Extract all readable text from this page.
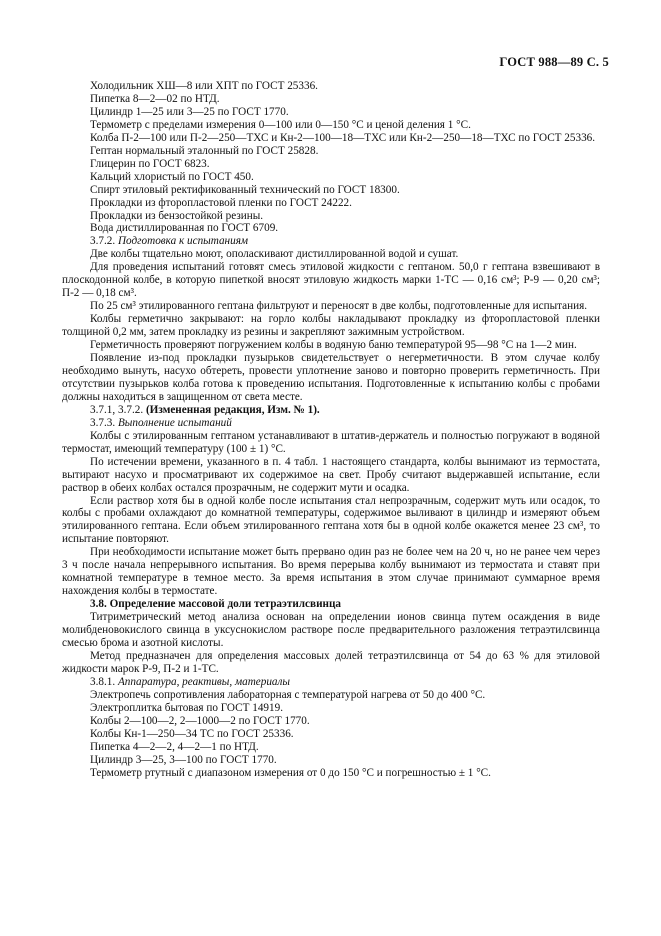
ГОСТ 988—89 С. 5

Холодильник ХШ—8 или ХПТ по ГОСТ 25336.

Пипетка 8—2—02 по НТД.

Цилиндр 1—25 или 3—25 по ГОСТ 1770.

Термометр с пределами измерения 0—100 или 0—150 °С и ценой деления 1 °С.

Колба П-2—100 или П-2—250—ТХС и Кн-2—100—18—ТХС или Кн-2—250—18—ТХС по ГОСТ 25336.

Гептан нормальный эталонный по ГОСТ 25828.

Глицерин по ГОСТ 6823.

Кальций хлористый по ГОСТ 450.

Спирт этиловый ректификованный технический по ГОСТ 18300.

Прокладки из фторопластовой пленки по ГОСТ 24222.

Прокладки из бензостойкой резины.

Вода дистиллированная по ГОСТ 6709.

3.7.2. Подготовка к испытаниям

Две колбы тщательно моют, ополаскивают дистиллированной водой и сушат.

Для проведения испытаний готовят смесь этиловой жидкости с гептаном. 50,0 г гептана взвешивают в плоскодонной колбе, в которую пипеткой вносят этиловую жидкость марки 1-ТС — 0,16 см³; Р-9 — 0,20 см³; П-2 — 0,18 см³.

По 25 см³ этилированного гептана фильтруют и переносят в две колбы, подготовленные для испытания.

Колбы герметично закрывают: на горло колбы накладывают прокладку из фторопластовой пленки толщиной 0,2 мм, затем прокладку из резины и закрепляют зажимным устройством.

Герметичность проверяют погружением колбы в водяную баню температурой 95—98 °С на 1—2 мин.

Появление из-под прокладки пузырьков свидетельствует о негерметичности. В этом случае колбу необходимо вынуть, насухо обтереть, провести уплотнение заново и повторно проверить герметичность. При отсутствии пузырьков колба готова к проведению испытания. Подготовленные к испытанию колбы с пробами должны находиться в защищенном от света месте.

3.7.1, 3.7.2. (Измененная редакция, Изм. № 1).

3.7.3. Выполнение испытаний

Колбы с этилированным гептаном устанавливают в штатив-держатель и полностью погружают в водяной термостат, имеющий температуру (100 ± 1) °С.

По истечении времени, указанного в п. 4 табл. 1 настоящего стандарта, колбы вынимают из термостата, вытирают насухо и просматривают их содержимое на свет. Пробу считают выдержавшей испытание, если раствор в обеих колбах остался прозрачным, не содержит мути и осадка.

Если раствор хотя бы в одной колбе после испытания стал непрозрачным, содержит муть или осадок, то колбы с пробами охлаждают до комнатной температуры, содержимое выливают в цилиндр и измеряют объем этилированного гептана. Если объем этилированного гептана хотя бы в одной колбе окажется менее 23 см³, то испытание повторяют.

При необходимости испытание может быть прервано один раз не более чем на 20 ч, но не ранее чем через 3 ч после начала непрерывного испытания. Во время перерыва колбу вынимают из термостата и ставят при комнатной температуре в темное место. За время испытания в этом случае принимают суммарное время нахождения колбы в термостате.

3.8. Определение массовой доли тетраэтилсвинца

Титриметрический метод анализа основан на определении ионов свинца путем осаждения в виде молибденовокислого свинца в уксуснокислом растворе после предварительного разложения тетраэтилсвинца смесью брома и азотной кислоты.

Метод предназначен для определения массовых долей тетраэтилсвинца от 54 до 63 % для этиловой жидкости марок Р-9, П-2 и 1-ТС.

3.8.1. Аппаратура, реактивы, материалы

Электропечь сопротивления лабораторная с температурой нагрева от 50 до 400 °С.

Электроплитка бытовая по ГОСТ 14919.

Колбы 2—100—2, 2—1000—2 по ГОСТ 1770.

Колбы Кн-1—250—34 ТС по ГОСТ 25336.

Пипетка 4—2—2, 4—2—1 по НТД.

Цилиндр 3—25, 3—100 по ГОСТ 1770.

Термометр ртутный с диапазоном измерения от 0 до 150 °С и погрешностью ± 1 °С.
